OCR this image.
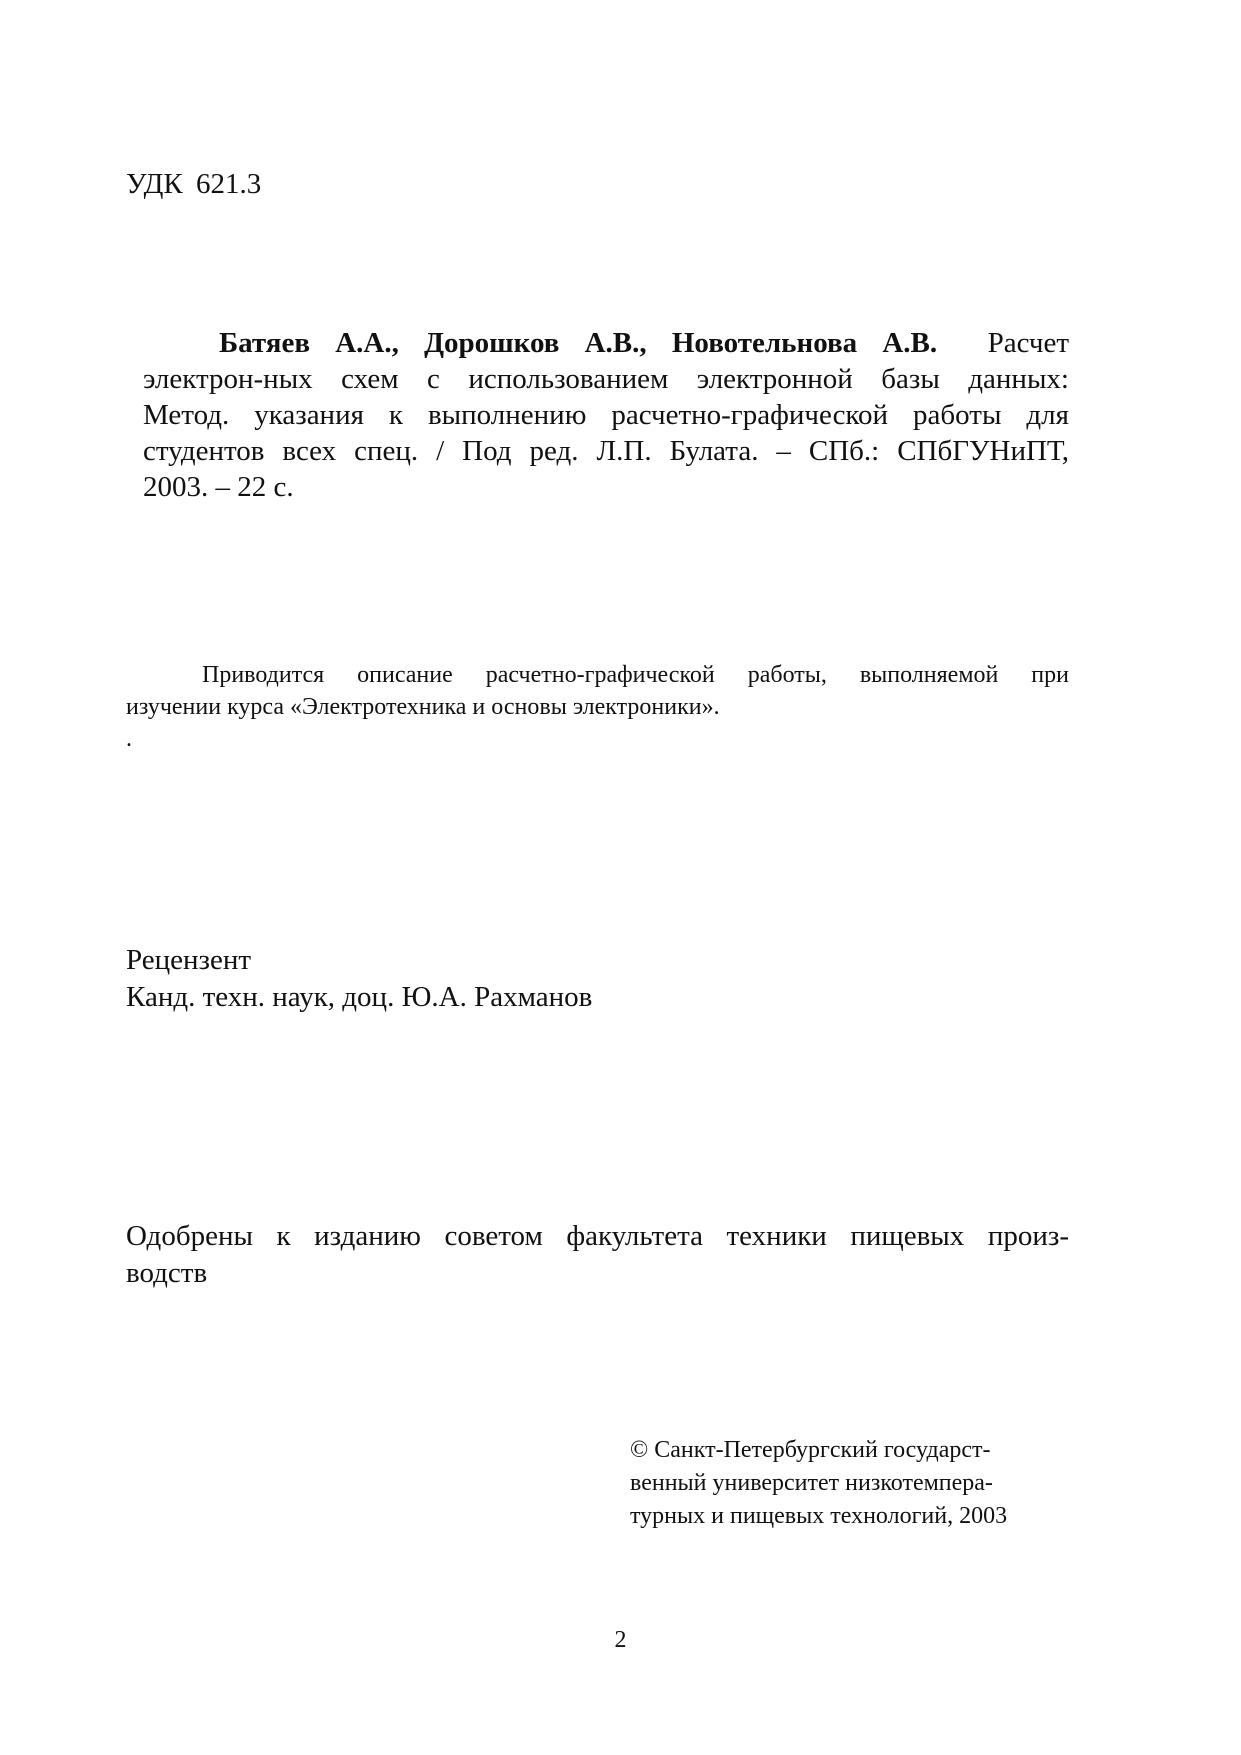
УДК 621.3
Батяев А.А., Дорошков А.В., Новотельнова А.В. Расчет
электрон-ных схем с использованием электронной базы данных:
Метод. указания к выполнению расчетно-графической работы для
студентов всех спец. / Под ред. Л.П. Булата. – СПб.: СПбГУНиПТ,
2003. – 22 с.
Приводится описание расчетно-графической работы, выполняемой при
изучении курса «Электротехника и основы электроники».
.
Рецензент
Канд. техн. наук, доц. Ю.А. Рахманов
Одобрены к изданию советом факультета техники пищевых произ-
водств
© Санкт-Петербургский государст-
венный университет низкотемпера-
турных и пищевых технологий, 2003
2
